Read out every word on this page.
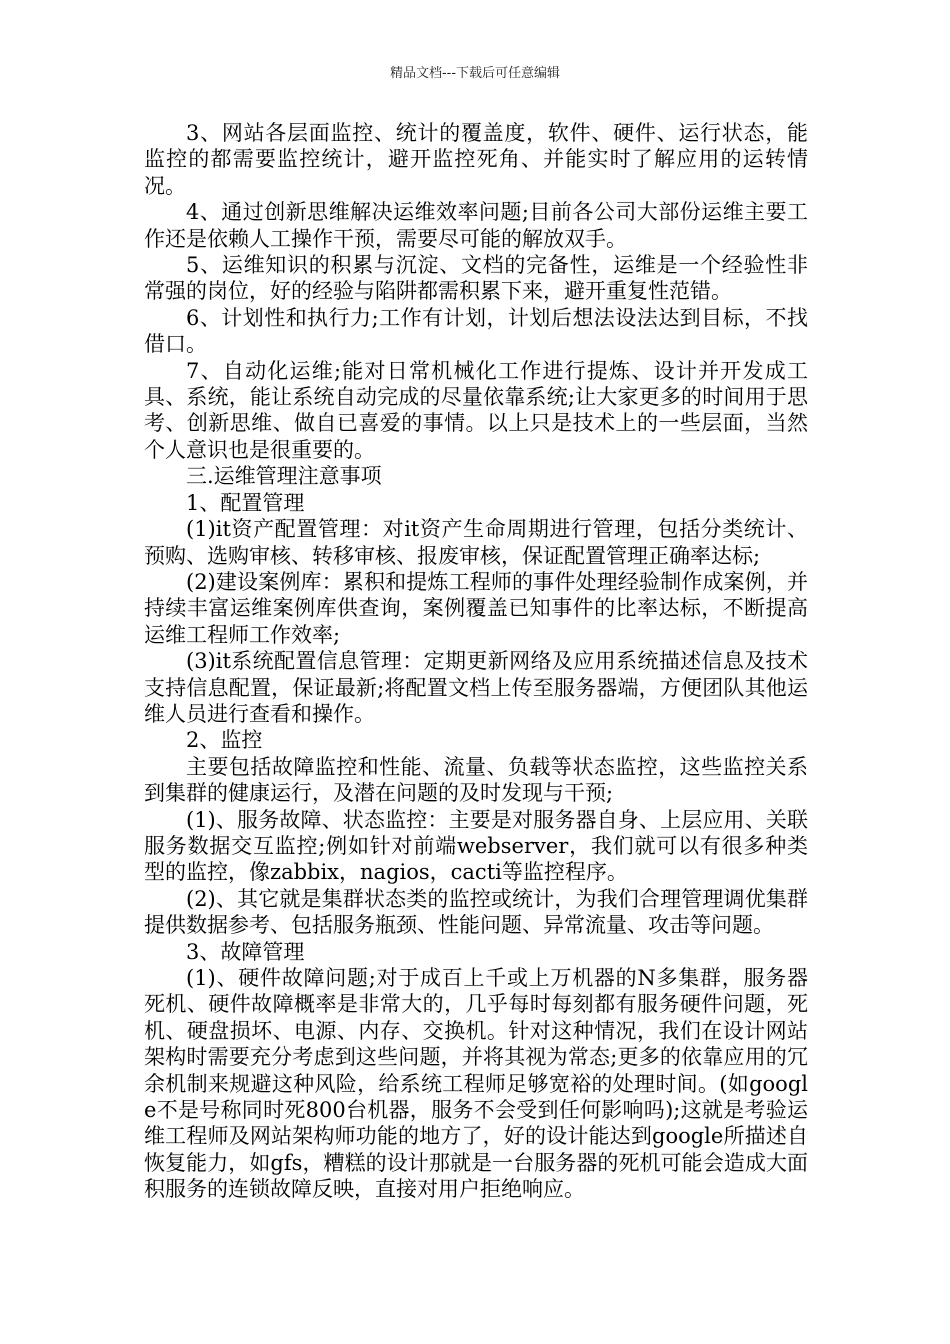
精品文档---下载后可任意编辑

3、网站各层面监控、统计的覆盖度，软件、硬件、运行状态，能监控的都需要监控统计，避开监控死角、并能实时了解应用的运转情况。

4、通过创新思维解决运维效率问题;目前各公司大部份运维主要工作还是依赖人工操作干预，需要尽可能的解放双手。

5、运维知识的积累与沉淀、文档的完备性，运维是一个经验性非常强的岗位，好的经验与陷阱都需积累下来，避开重复性范错。

6、计划性和执行力;工作有计划，计划后想法设法达到目标，不找借口。

7、自动化运维;能对日常机械化工作进行提炼、设计并开发成工具、系统，能让系统自动完成的尽量依靠系统;让大家更多的时间用于思考、创新思维、做自已喜爱的事情。以上只是技术上的一些层面，当然个人意识也是很重要的。

三.运维管理注意事项

1、配置管理

(1)it资产配置管理：对it资产生命周期进行管理，包括分类统计、预购、选购审核、转移审核、报废审核，保证配置管理正确率达标;

(2)建设案例库：累积和提炼工程师的事件处理经验制作成案例，并持续丰富运维案例库供查询，案例覆盖已知事件的比率达标，不断提高运维工程师工作效率;

(3)it系统配置信息管理：定期更新网络及应用系统描述信息及技术支持信息配置，保证最新;将配置文档上传至服务器端，方便团队其他运维人员进行查看和操作。

2、监控

主要包括故障监控和性能、流量、负载等状态监控，这些监控关系到集群的健康运行，及潜在问题的及时发现与干预;

(1)、服务故障、状态监控：主要是对服务器自身、上层应用、关联服务数据交互监控;例如针对前端webserver，我们就可以有很多种类型的监控，像zabbix，nagios，cacti等监控程序。

(2)、其它就是集群状态类的监控或统计，为我们合理管理调优集群提供数据参考、包括服务瓶颈、性能问题、异常流量、攻击等问题。

3、故障管理

(1)、硬件故障问题;对于成百上千或上万机器的N多集群，服务器死机、硬件故障概率是非常大的，几乎每时每刻都有服务硬件问题，死机、硬盘损坏、电源、内存、交换机。针对这种情况，我们在设计网站架构时需要充分考虑到这些问题，并将其视为常态;更多的依靠应用的冗余机制来规避这种风险，给系统工程师足够宽裕的处理时间。(如google不是号称同时死800台机器，服务不会受到任何影响吗);这就是考验运维工程师及网站架构师功能的地方了，好的设计能达到google所描述自恢复能力，如gfs，糟糕的设计那就是一台服务器的死机可能会造成大面积服务的连锁故障反映，直接对用户拒绝响应。
